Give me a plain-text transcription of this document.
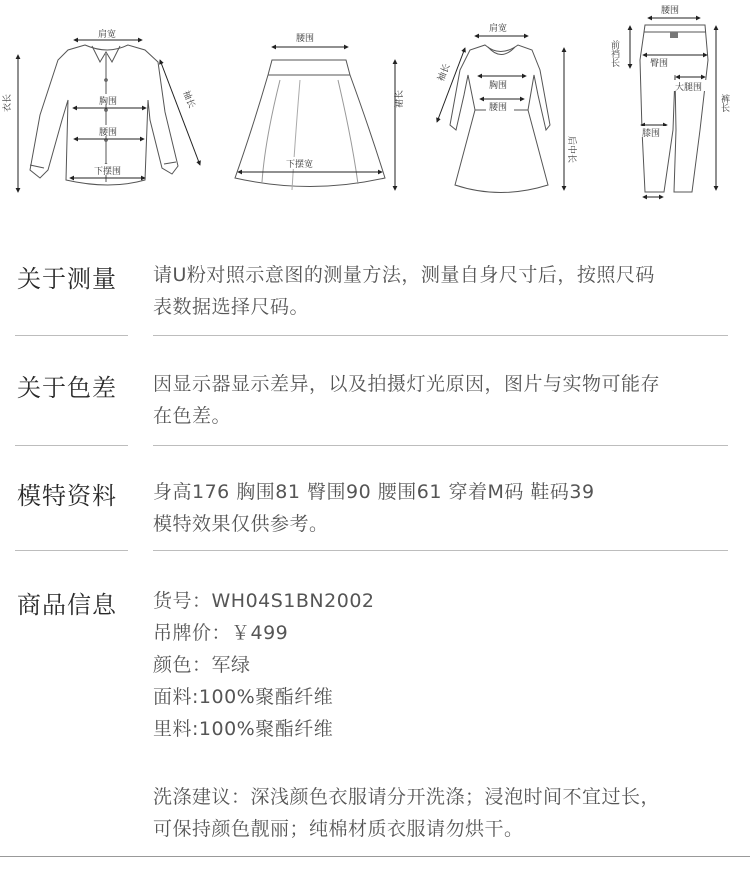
肩宽
胸围
腰围
下摆围
衣长	袖长
腰围
下摆宽
裙长
肩宽
袖长
胸围
腰围
后中长
腰围
前裆长	臀围
大腿围
膝围
裤长
关于测量 请U粉对照示意图的测量方法，测量自身尺寸后，按照尺码
表数据选择尺码。
关于色差 因显示器显示差异，以及拍摄灯光原因，图片与实物可能存
在色差。
模特资料 身高176 胸围81 臀围90 腰围61 穿着M码 鞋码39
模特效果仅供参考。
商品信息 货号：WH04S1BN2002
吊牌价：￥499
颜色：军绿
面料:100%聚酯纤维
里料:100%聚酯纤维
洗涤建议：深浅颜色衣服请分开洗涤；浸泡时间不宜过长，
可保持颜色靓丽；纯棉材质衣服请勿烘干。
